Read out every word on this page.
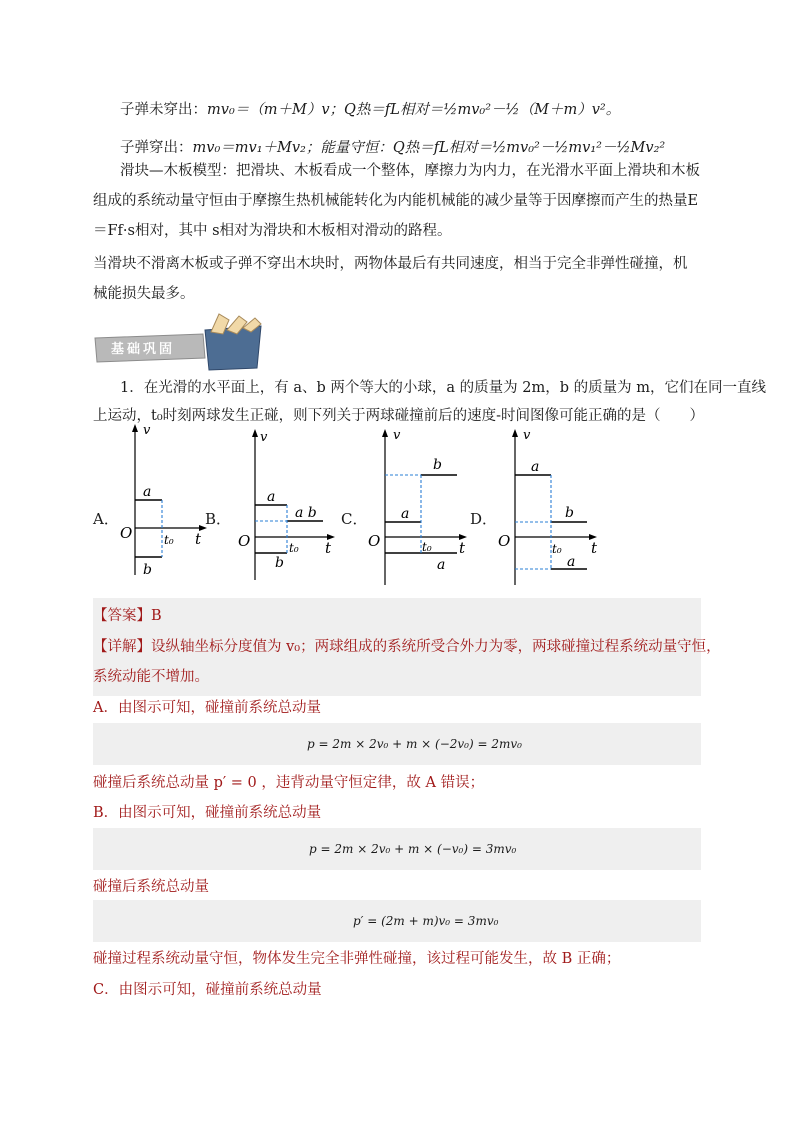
子弹未穿出：mv₀＝（m＋M）v；Q热＝fL相对＝½mv₀²－½（M＋m）v²。
子弹穿出：mv₀＝mv₁＋Mv₂；能量守恒：Q热＝fL相对＝½mv₀²－½mv₁²－½Mv₂²
滑块—木板模型：把滑块、木板看成一个整体，摩擦力为内力，在光滑水平面上滑块和木板组成的系统动量守恒由于摩擦生热机械能转化为内能机械能的减少量等于因摩擦而产生的热量E＝Ff·s相对，其中 s相对为滑块和木板相对滑动的路程。
当滑块不滑离木板或子弹不穿出木块时，两物体最后有共同速度，相当于完全非弹性碰撞，机械能损失最多。
基础巩固
1．在光滑的水平面上，有 a、b 两个等大的小球，a 的质量为 2m，b 的质量为 m，它们在同一直线
上运动，t₀时刻两球发生正碰，则下列关于两球碰撞前后的速度-时间图像可能正确的是（　　）
A．	B．	C．	D．
v
O	t₀ t
a
b
v
O	t₀ t
a
a b
b
v
O	t₀ t
a
b
a
v
O	t₀ t
a
b
a
【答案】B
【详解】设纵轴坐标分度值为 v₀；两球组成的系统所受合外力为零，两球碰撞过程系统动量守恒，
系统动能不增加。
A．由图示可知，碰撞前系统总动量
p = 2m × 2v₀ + m × (−2v₀) = 2mv₀
碰撞后系统总动量 p′ = 0 ，违背动量守恒定律，故 A 错误；
B．由图示可知，碰撞前系统总动量
p = 2m × 2v₀ + m × (−v₀) = 3mv₀
碰撞后系统总动量
p′ = (2m + m)v₀ = 3mv₀
碰撞过程系统动量守恒，物体发生完全非弹性碰撞，该过程可能发生，故 B 正确；
C．由图示可知，碰撞前系统总动量
